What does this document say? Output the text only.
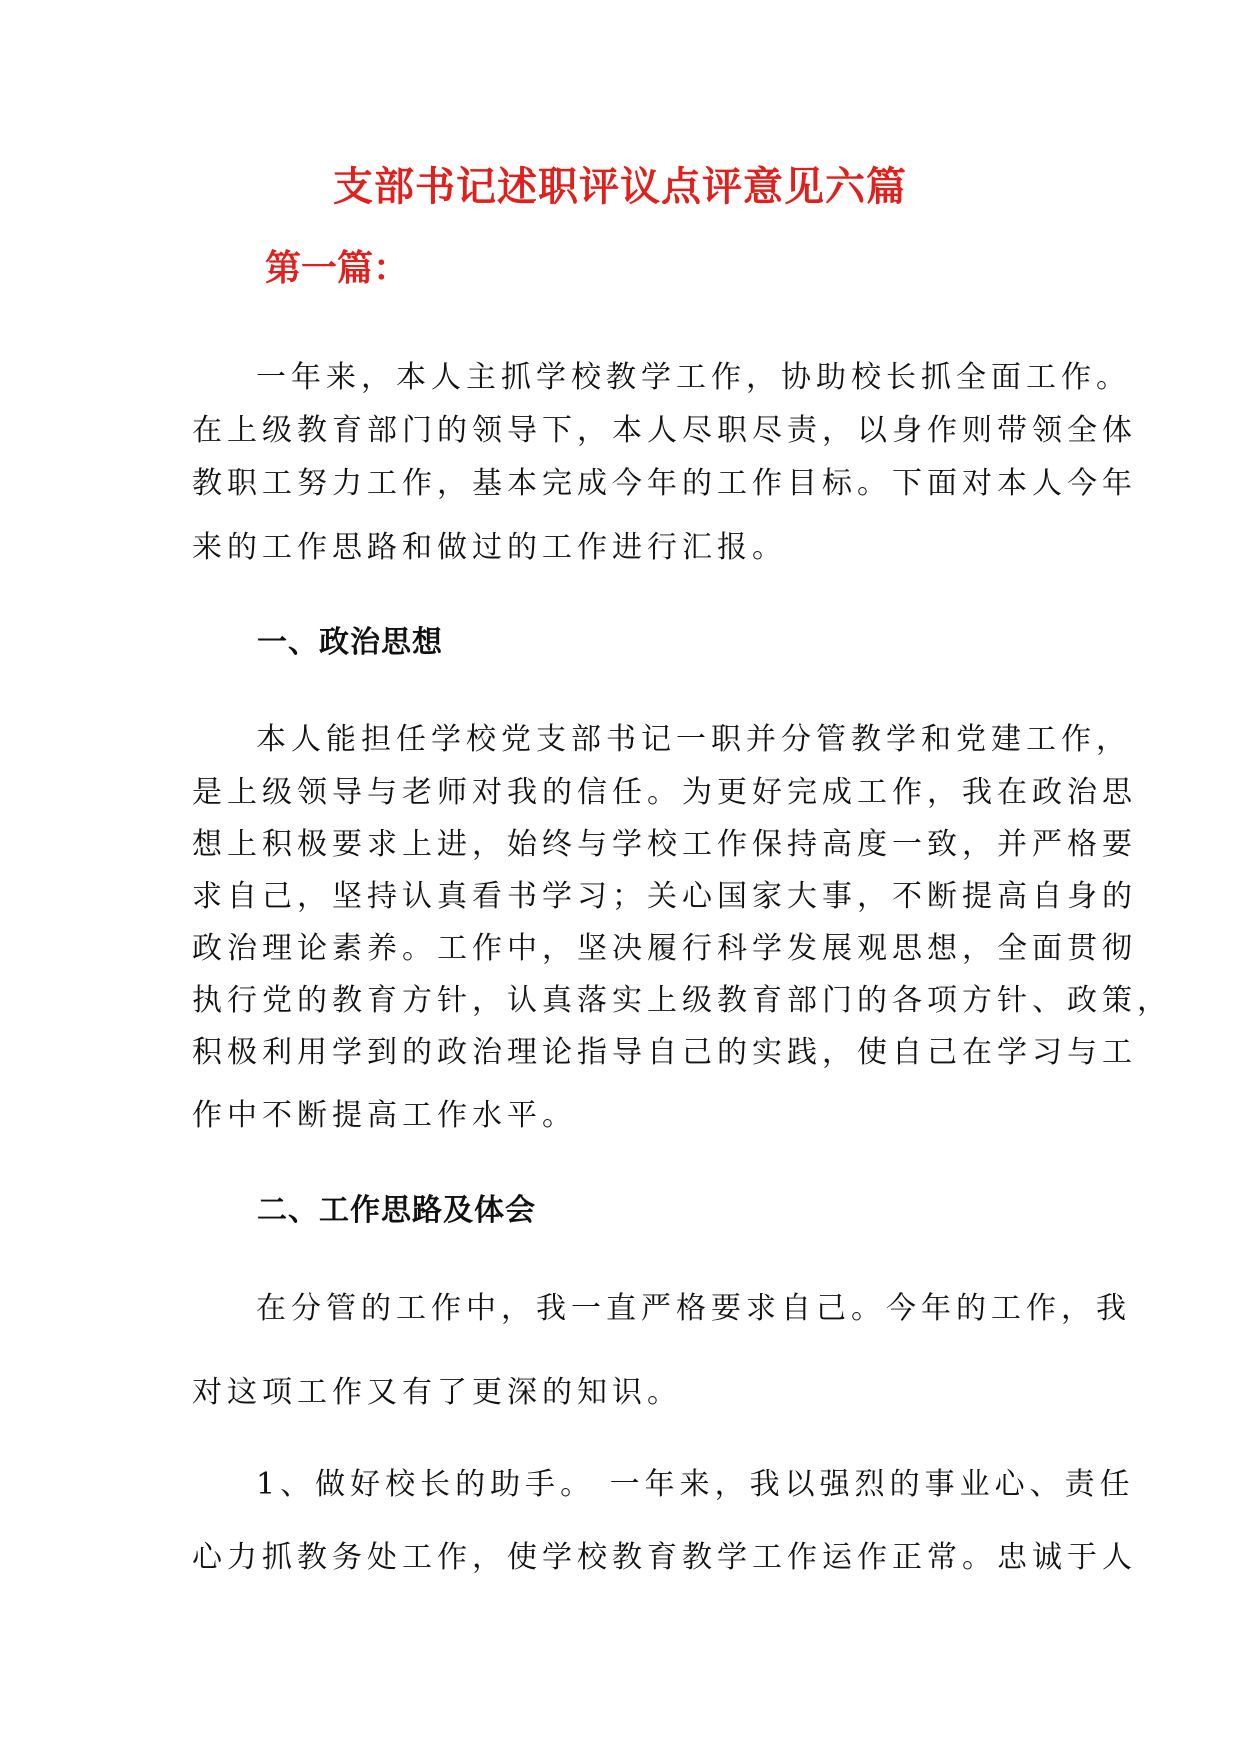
支部书记述职评议点评意见六篇
第一篇：
一年来，本人主抓学校教学工作，协助校长抓全面工作。
在上级教育部门的领导下，本人尽职尽责，以身作则带领全体
教职工努力工作，基本完成今年的工作目标。下面对本人今年
来的工作思路和做过的工作进行汇报。
一、政治思想
本人能担任学校党支部书记一职并分管教学和党建工作，
是上级领导与老师对我的信任。为更好完成工作，我在政治思
想上积极要求上进，始终与学校工作保持高度一致，并严格要
求自己，坚持认真看书学习；关心国家大事，不断提高自身的
政治理论素养。工作中，坚决履行科学发展观思想，全面贯彻
执行党的教育方针，认真落实上级教育部门的各项方针、政策，
积极利用学到的政治理论指导自己的实践，使自己在学习与工
作中不断提高工作水平。
二、工作思路及体会
在分管的工作中，我一直严格要求自己。今年的工作，我
对这项工作又有了更深的知识。
1、做好校长的助手。 一年来，我以强烈的事业心、责任
心力抓教务处工作，使学校教育教学工作运作正常。忠诚于人
